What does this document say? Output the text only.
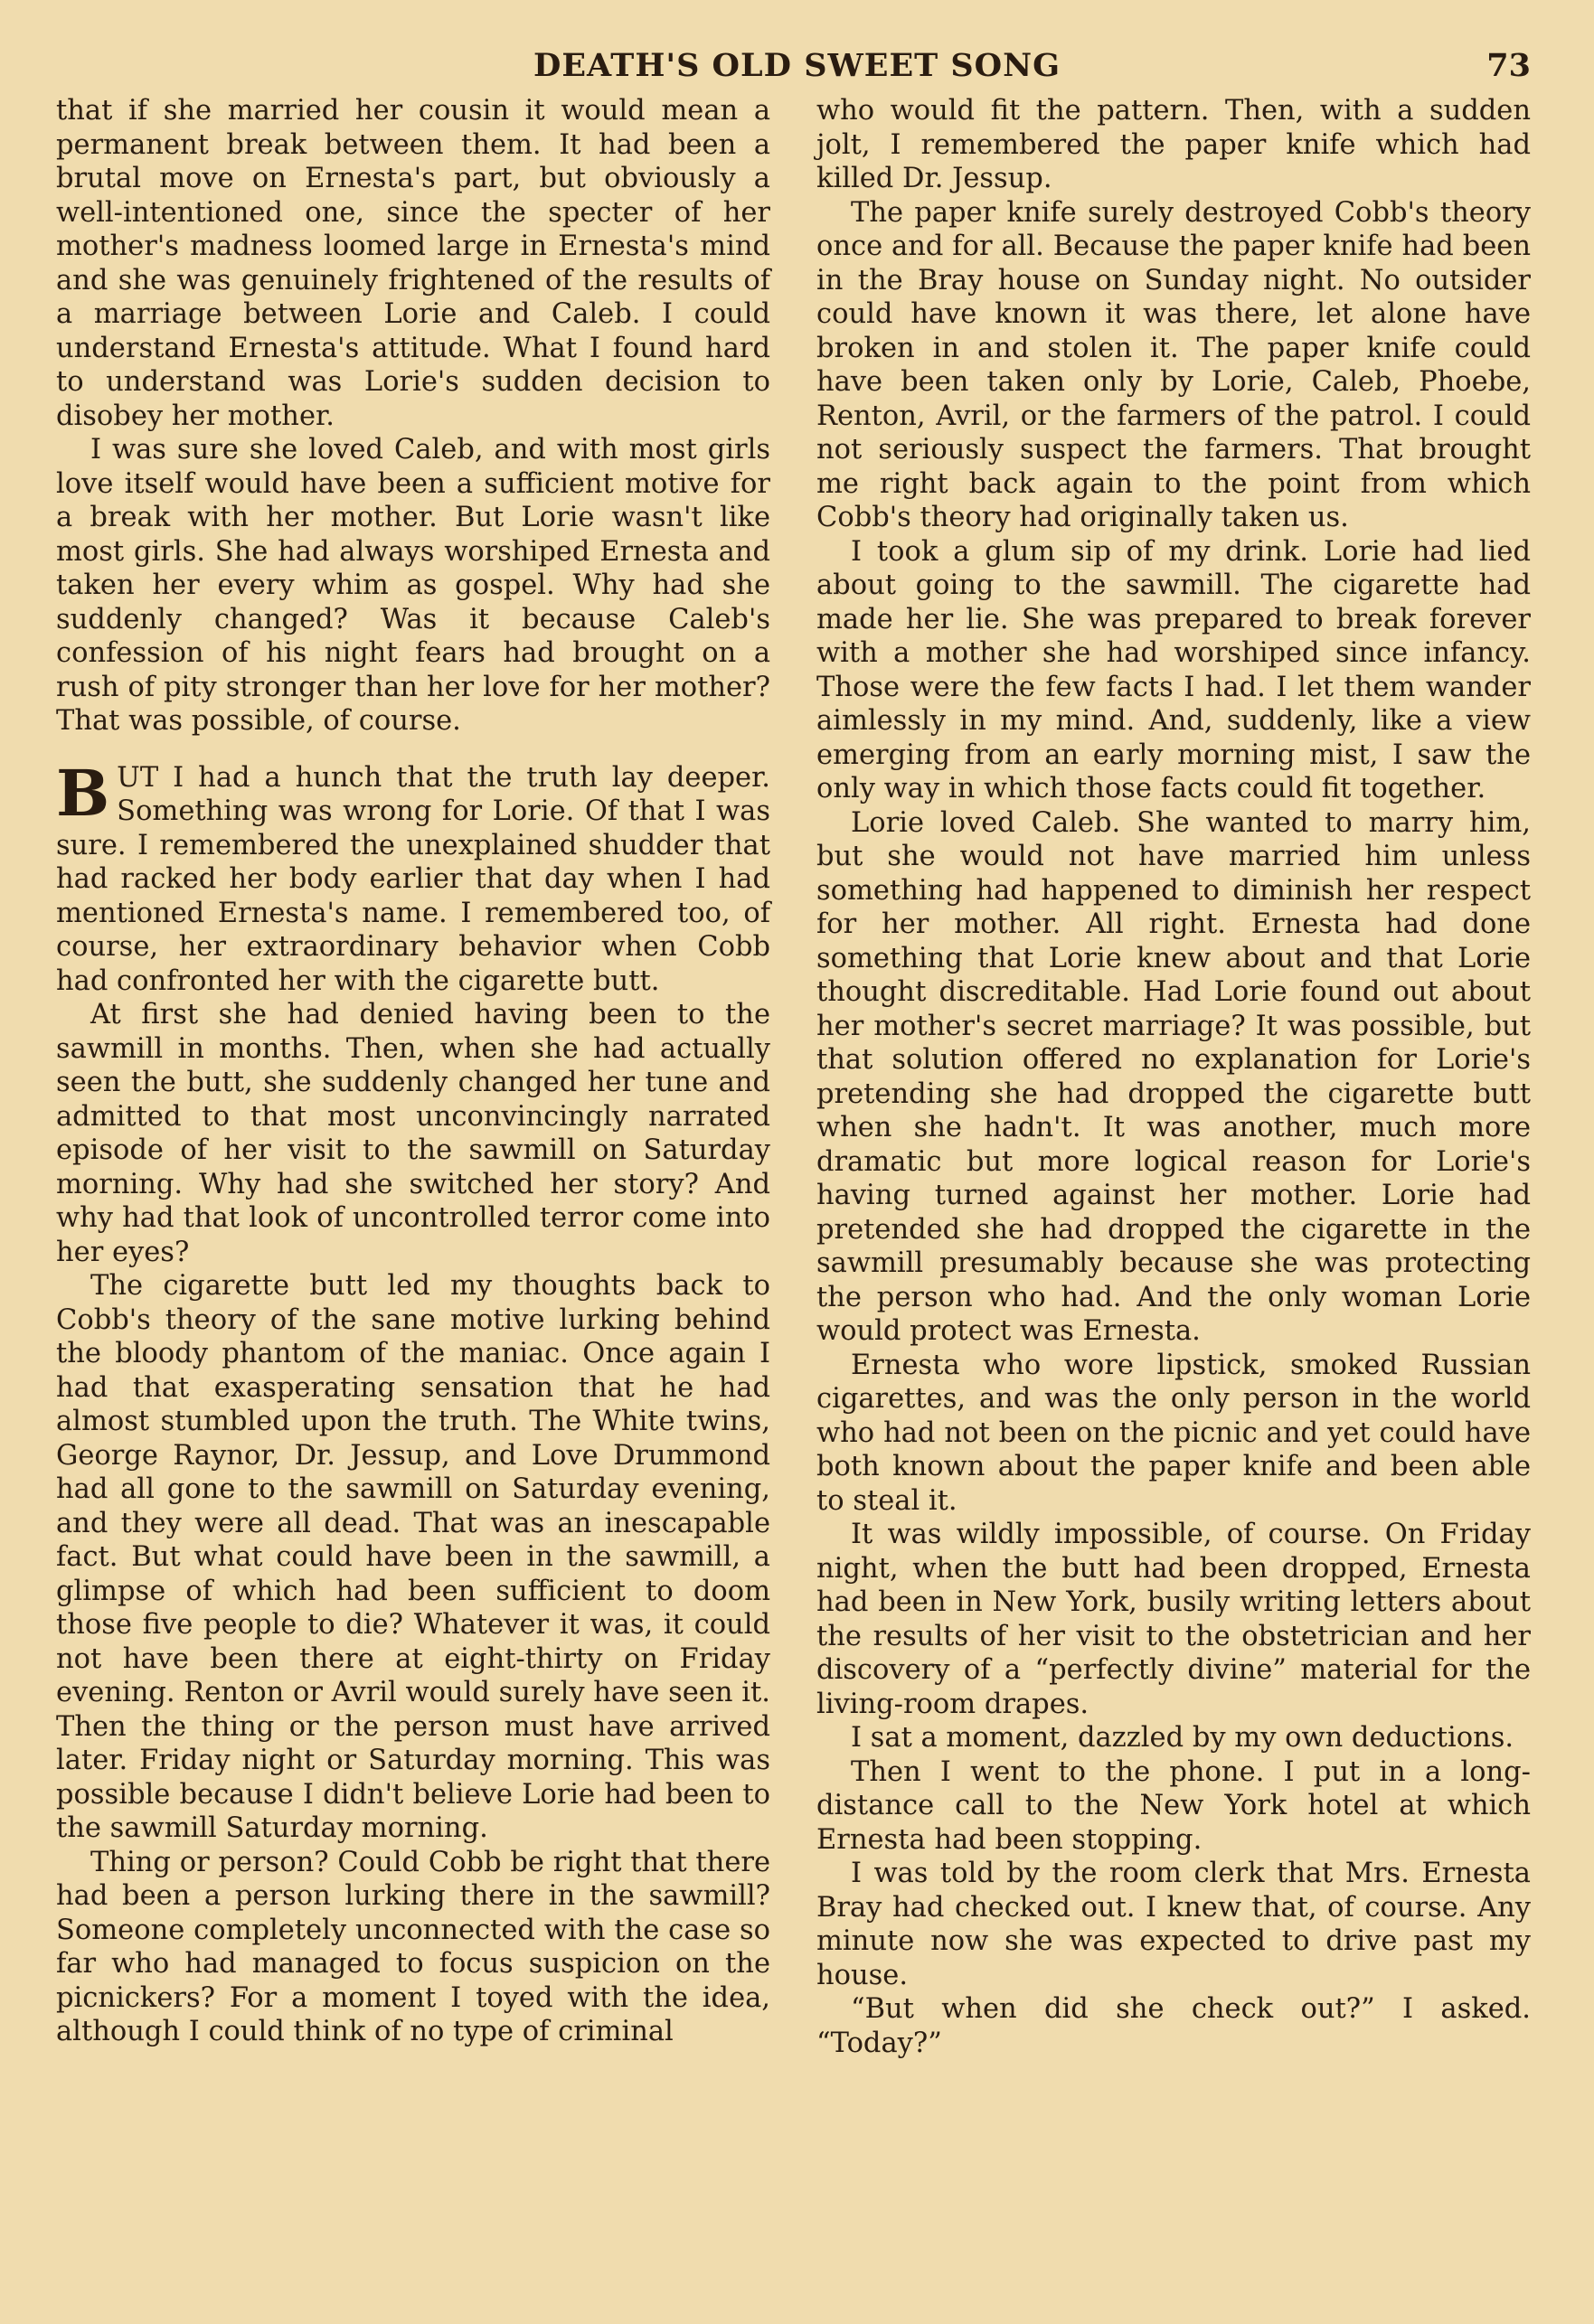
DEATH'S OLD SWEET SONG	73

that if she married her cousin it would mean a permanent break between them. It had been a brutal move on Ernesta's part, but obviously a well-intentioned one, since the specter of her mother's madness loomed large in Ernesta's mind and she was genuinely frightened of the results of a marriage between Lorie and Caleb. I could understand Ernesta's attitude. What I found hard to understand was Lorie's sudden decision to disobey her mother.

I was sure she loved Caleb, and with most girls love itself would have been a sufficient motive for a break with her mother. But Lorie wasn't like most girls. She had always worshiped Ernesta and taken her every whim as gospel. Why had she suddenly changed? Was it because Caleb's confession of his night fears had brought on a rush of pity stronger than her love for her mother? That was possible, of course.

BUT I had a hunch that the truth lay deeper. Something was wrong for Lorie. Of that I was sure. I remembered the unexplained shudder that had racked her body earlier that day when I had mentioned Ernesta's name. I remembered too, of course, her extraordinary behavior when Cobb had confronted her with the cigarette butt.

At first she had denied having been to the sawmill in months. Then, when she had actually seen the butt, she suddenly changed her tune and admitted to that most unconvincingly narrated episode of her visit to the sawmill on Saturday morning. Why had she switched her story? And why had that look of uncontrolled terror come into her eyes?

The cigarette butt led my thoughts back to Cobb's theory of the sane motive lurking behind the bloody phantom of the maniac. Once again I had that exasperating sensation that he had almost stumbled upon the truth. The White twins, George Raynor, Dr. Jessup, and Love Drummond had all gone to the sawmill on Saturday evening, and they were all dead. That was an inescapable fact. But what could have been in the sawmill, a glimpse of which had been sufficient to doom those five people to die? Whatever it was, it could not have been there at eight-thirty on Friday evening. Renton or Avril would surely have seen it. Then the thing or the person must have arrived later. Friday night or Saturday morning. This was possible because I didn't believe Lorie had been to the sawmill Saturday morning.

Thing or person? Could Cobb be right that there had been a person lurking there in the sawmill? Someone completely unconnected with the case so far who had managed to focus suspicion on the picnickers? For a moment I toyed with the idea, although I could think of no type of criminal

who would fit the pattern. Then, with a sudden jolt, I remembered the paper knife which had killed Dr. Jessup.

The paper knife surely destroyed Cobb's theory once and for all. Because the paper knife had been in the Bray house on Sunday night. No outsider could have known it was there, let alone have broken in and stolen it. The paper knife could have been taken only by Lorie, Caleb, Phoebe, Renton, Avril, or the farmers of the patrol. I could not seriously suspect the farmers. That brought me right back again to the point from which Cobb's theory had originally taken us.

I took a glum sip of my drink. Lorie had lied about going to the sawmill. The cigarette had made her lie. She was prepared to break forever with a mother she had worshiped since infancy. Those were the few facts I had. I let them wander aimlessly in my mind. And, suddenly, like a view emerging from an early morning mist, I saw the only way in which those facts could fit together.

Lorie loved Caleb. She wanted to marry him, but she would not have married him unless something had happened to diminish her respect for her mother. All right. Ernesta had done something that Lorie knew about and that Lorie thought discreditable. Had Lorie found out about her mother's secret marriage? It was possible, but that solution offered no explanation for Lorie's pretending she had dropped the cigarette butt when she hadn't. It was another, much more dramatic but more logical reason for Lorie's having turned against her mother. Lorie had pretended she had dropped the cigarette in the sawmill presumably because she was protecting the person who had. And the only woman Lorie would protect was Ernesta.

Ernesta who wore lipstick, smoked Russian cigarettes, and was the only person in the world who had not been on the picnic and yet could have both known about the paper knife and been able to steal it.

It was wildly impossible, of course. On Friday night, when the butt had been dropped, Ernesta had been in New York, busily writing letters about the results of her visit to the obstetrician and her discovery of a “perfectly divine” material for the living-room drapes.

I sat a moment, dazzled by my own deductions.

Then I went to the phone. I put in a long-distance call to the New York hotel at which Ernesta had been stopping.

I was told by the room clerk that Mrs. Ernesta Bray had checked out. I knew that, of course. Any minute now she was expected to drive past my house.

“But when did she check out?” I asked. “Today?”
